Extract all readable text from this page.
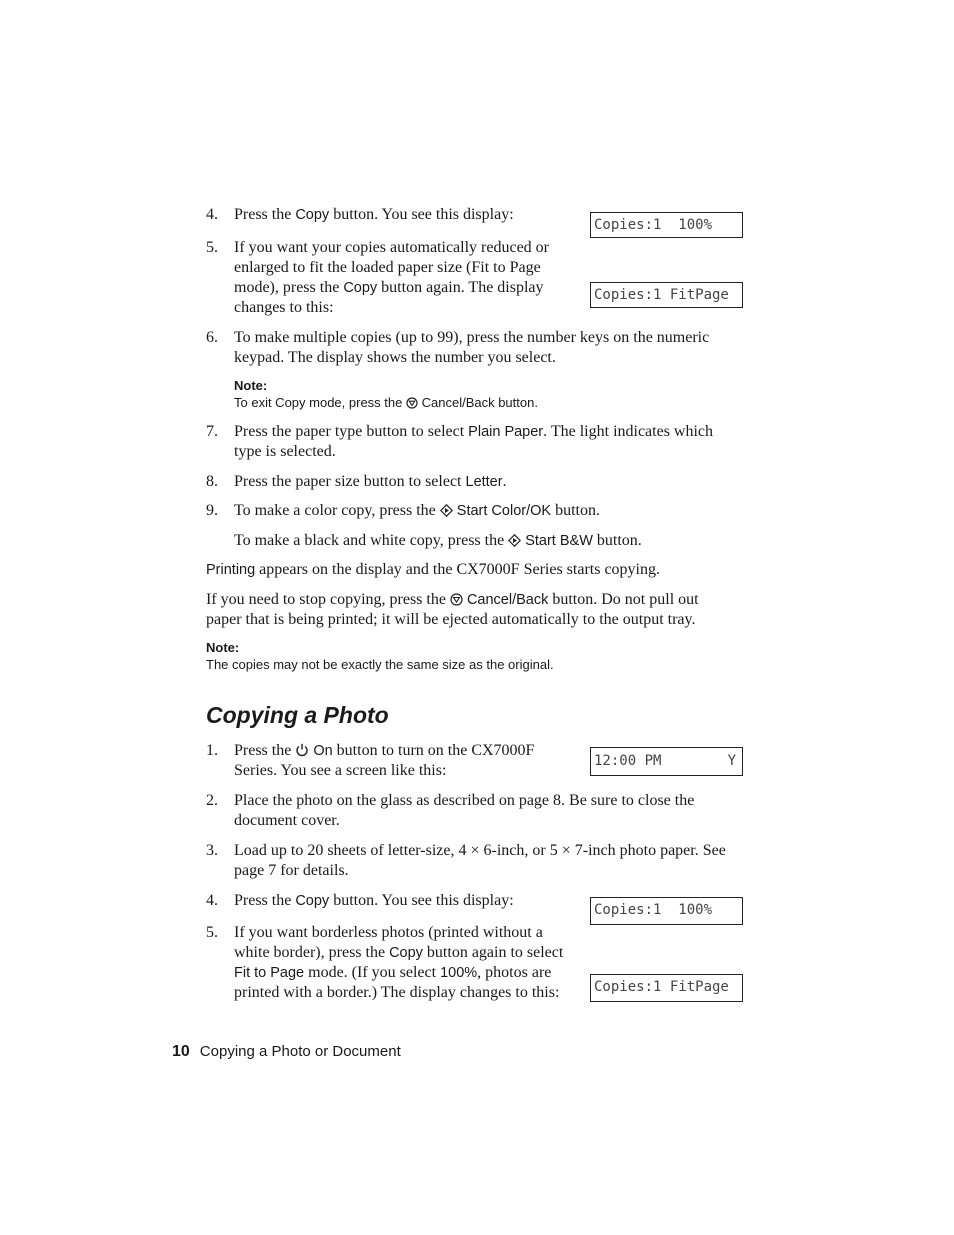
4. Press the Copy button. You see this display:
Copies:1  100%
5. If you want your copies automatically reduced or
enlarged to fit the loaded paper size (Fit to Page
mode), press the Copy button again. The display
changes to this:
Copies:1 FitPage
6. To make multiple copies (up to 99), press the number keys on the numeric
keypad. The display shows the number you select.
Note:
To exit Copy mode, press the  Cancel/Back button.
7. Press the paper type button to select Plain Paper. The light indicates which
type is selected.
8. Press the paper size button to select Letter.
9. To make a color copy, press the  Start Color/OK button.
To make a black and white copy, press the  Start B&W button.
Printing appears on the display and the CX7000F Series starts copying.
If you need to stop copying, press the  Cancel/Back button. Do not pull out
paper that is being printed; it will be ejected automatically to the output tray.
Note:
The copies may not be exactly the same size as the original.
Copying a Photo
1. Press the  On button to turn on the CX7000F
Series. You see a screen like this:
12:00 PM	Y
2. Place the photo on the glass as described on page 8. Be sure to close the
document cover.
3. Load up to 20 sheets of letter-size, 4 × 6-inch, or 5 × 7-inch photo paper. See
page 7 for details.
4. Press the Copy button. You see this display:
Copies:1  100%
5. If you want borderless photos (printed without a
white border), press the Copy button again to select
Fit to Page mode. (If you select 100%, photos are
printed with a border.) The display changes to this: Copies:1 FitPage
10 Copying a Photo or Document
